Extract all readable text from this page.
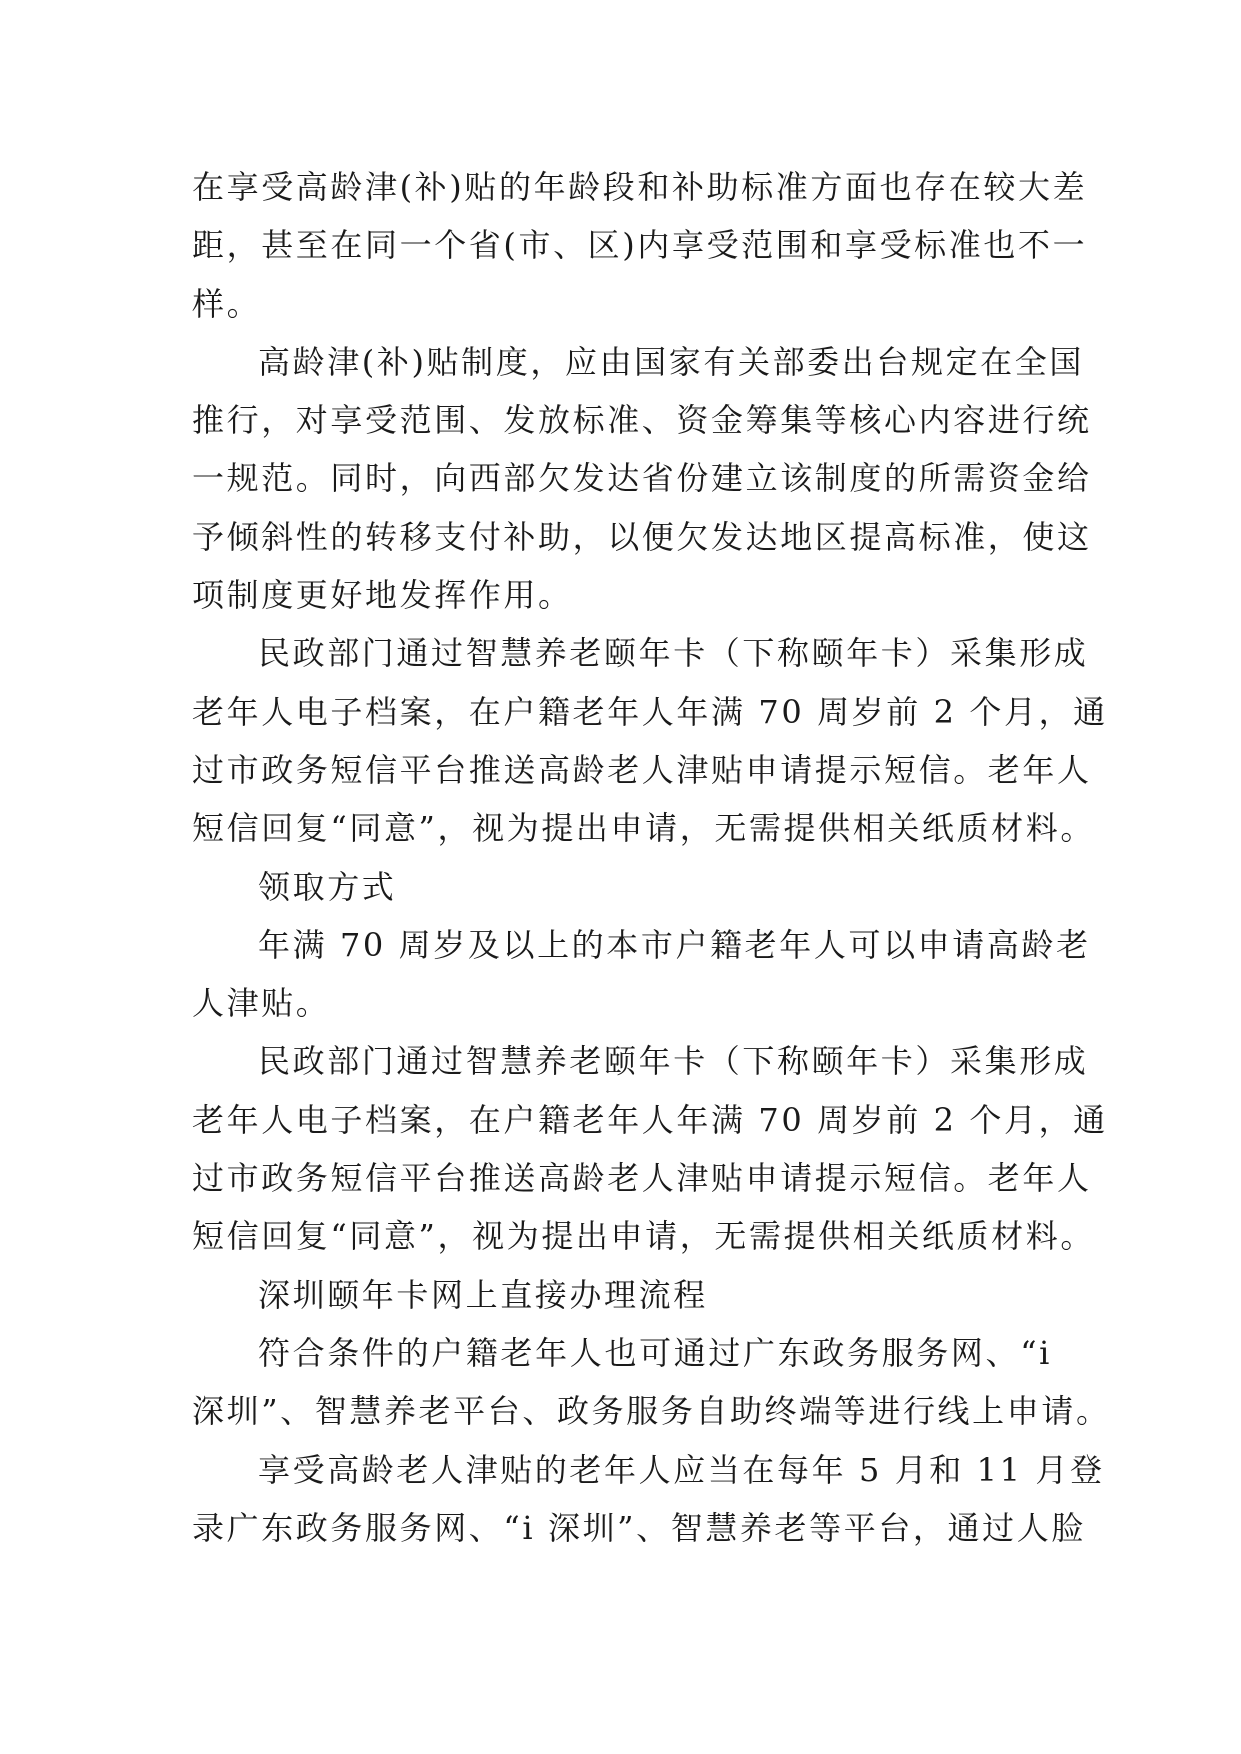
在享受高龄津(补)贴的年龄段和补助标准方面也存在较大差
距，甚至在同一个省(市、区)内享受范围和享受标准也不一
样。
高龄津(补)贴制度，应由国家有关部委出台规定在全国
推行，对享受范围、发放标准、资金筹集等核心内容进行统
一规范。同时，向西部欠发达省份建立该制度的所需资金给
予倾斜性的转移支付补助，以便欠发达地区提高标准，使这
项制度更好地发挥作用。
民政部门通过智慧养老颐年卡（下称颐年卡）采集形成
老年人电子档案，在户籍老年人年满 70 周岁前 2 个月，通
过市政务短信平台推送高龄老人津贴申请提示短信。老年人
短信回复“同意”，视为提出申请，无需提供相关纸质材料。
领取方式
年满 70 周岁及以上的本市户籍老年人可以申请高龄老
人津贴。
民政部门通过智慧养老颐年卡（下称颐年卡）采集形成
老年人电子档案，在户籍老年人年满 70 周岁前 2 个月，通
过市政务短信平台推送高龄老人津贴申请提示短信。老年人
短信回复“同意”，视为提出申请，无需提供相关纸质材料。
深圳颐年卡网上直接办理流程
符合条件的户籍老年人也可通过广东政务服务网、“i
深圳”、智慧养老平台、政务服务自助终端等进行线上申请。
享受高龄老人津贴的老年人应当在每年 5 月和 11 月登
录广东政务服务网、“i 深圳”、智慧养老等平台，通过人脸
